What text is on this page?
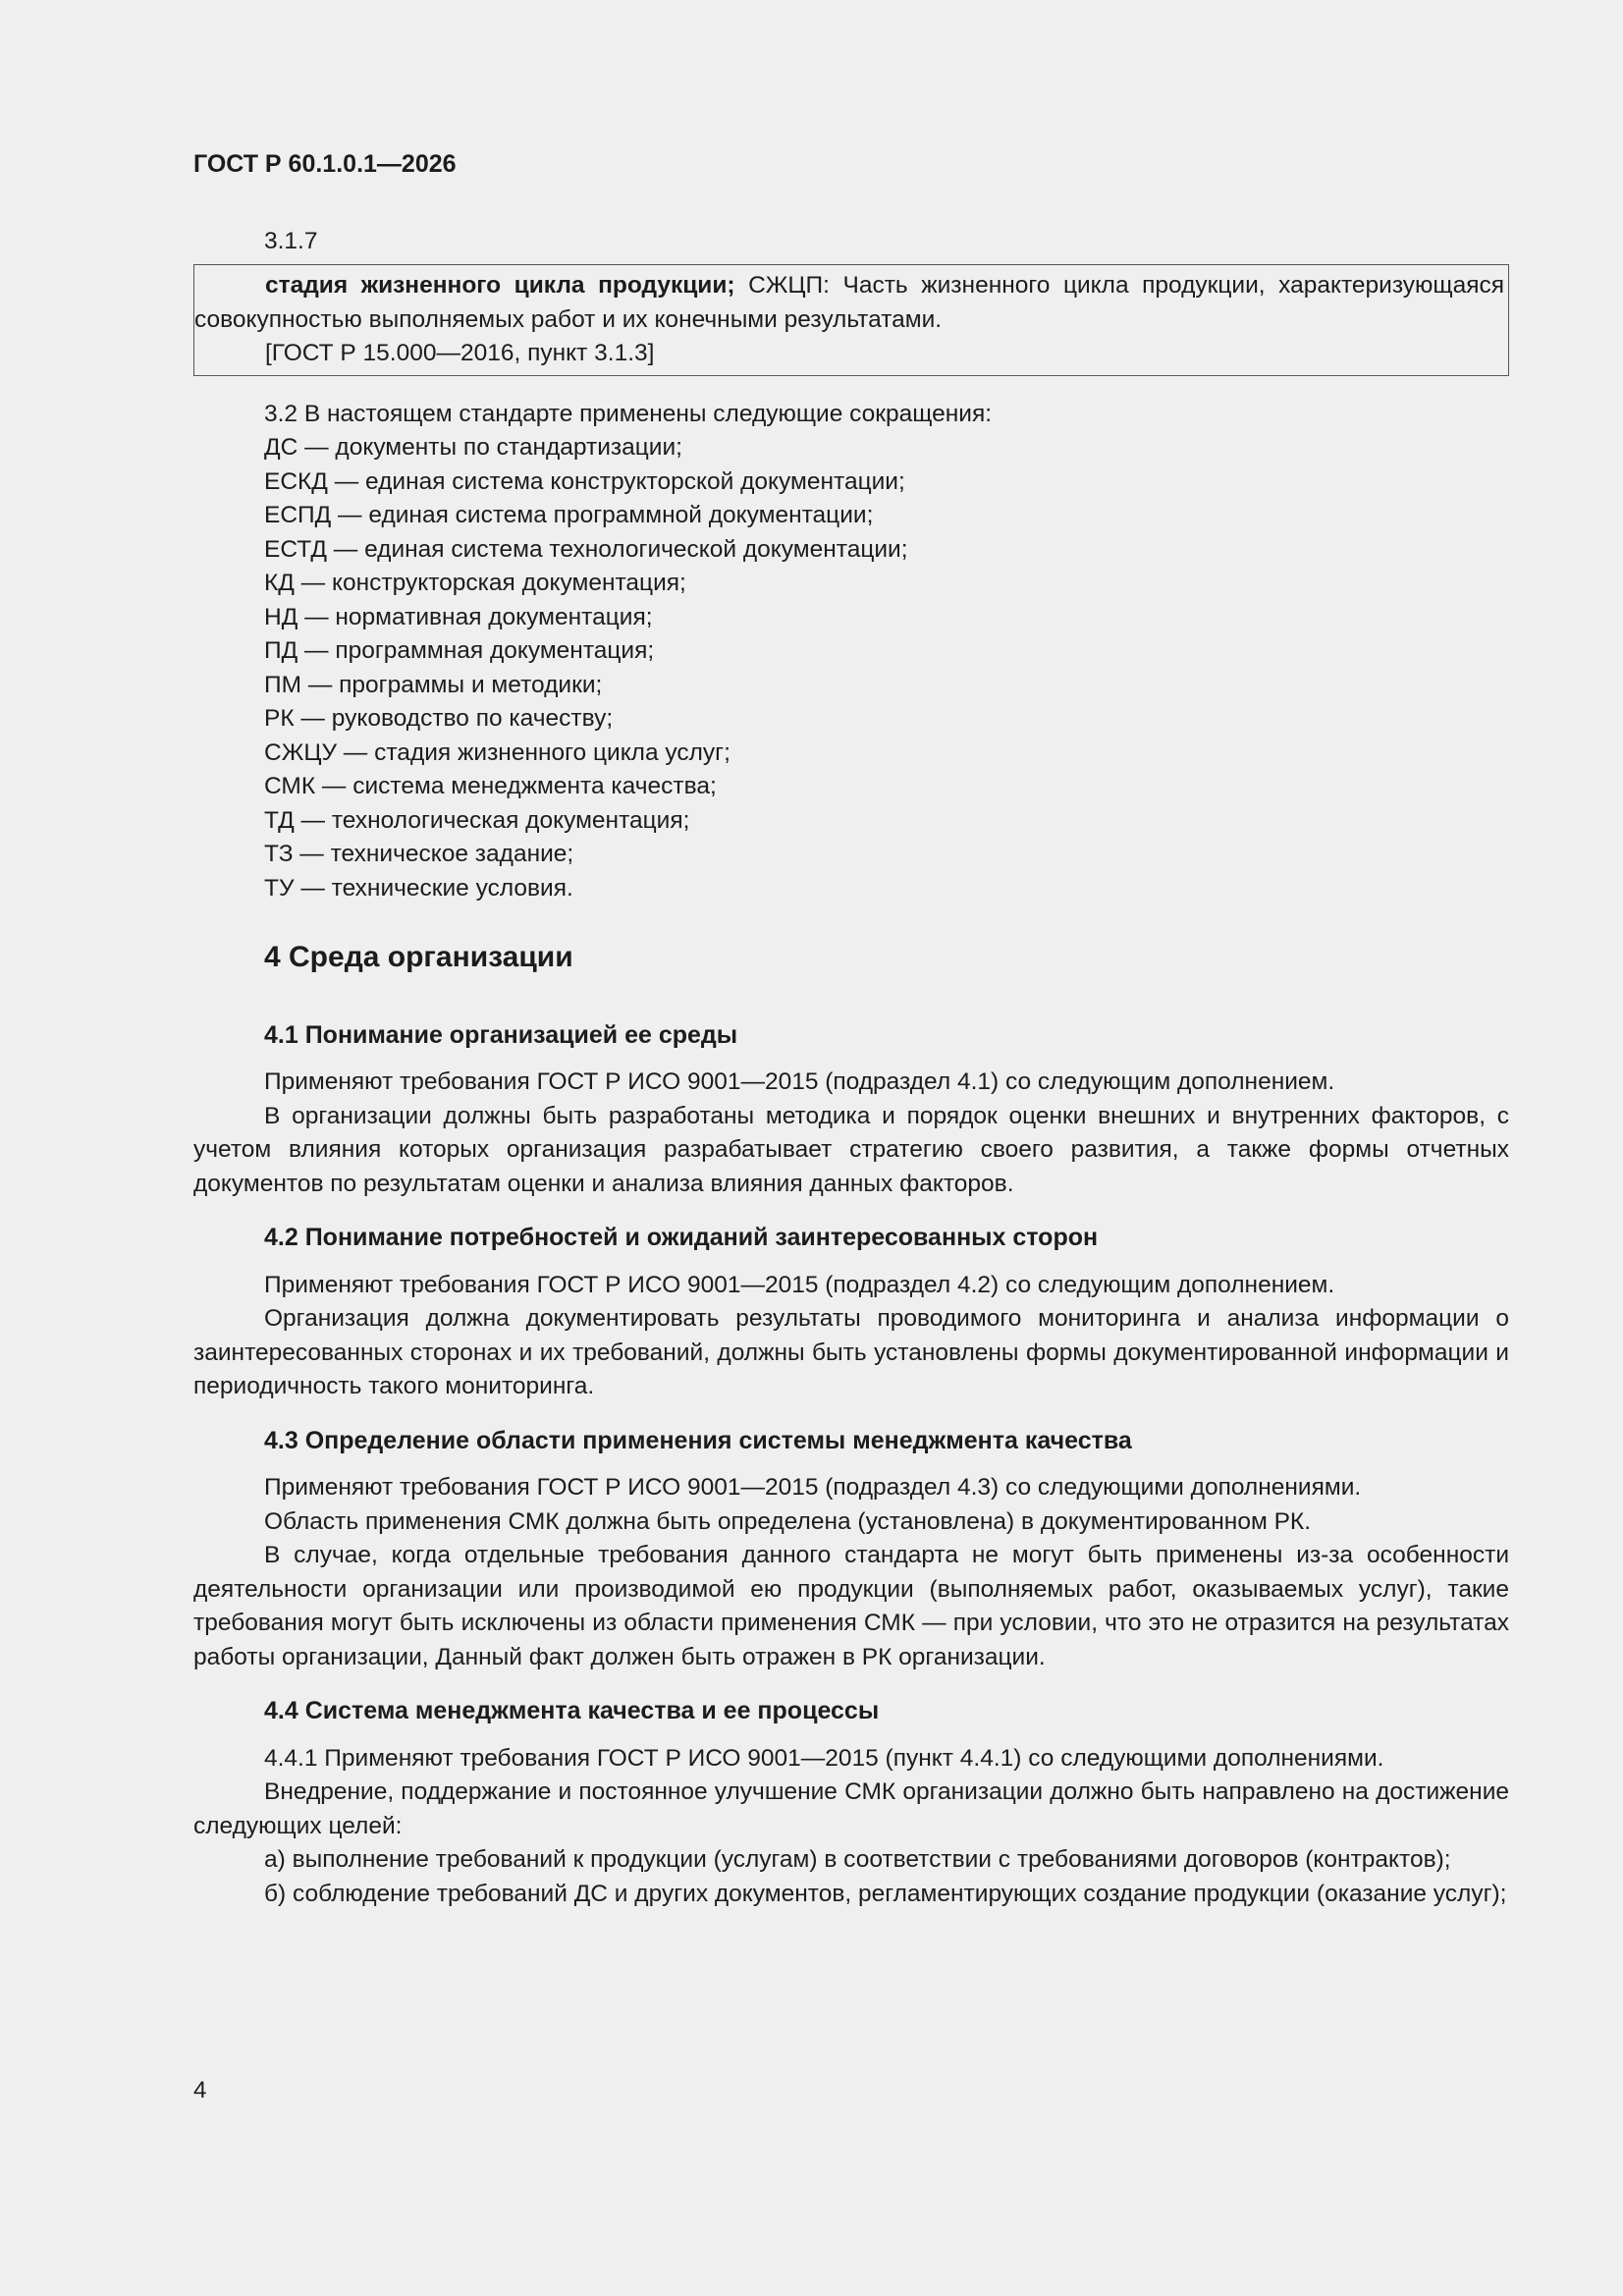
ГОСТ Р 60.1.0.1—2026
3.1.7

стадия жизненного цикла продукции; СЖЦП: Часть жизненного цикла продукции, характеризующаяся совокупностью выполняемых работ и их конечными результатами.

[ГОСТ Р 15.000—2016, пункт 3.1.3]

3.2 В настоящем стандарте применены следующие сокращения:

ДС — документы по стандартизации;
ЕСКД — единая система конструкторской документации;
ЕСПД — единая система программной документации;
ЕСТД — единая система технологической документации;
КД — конструкторская документация;
НД — нормативная документация;
ПД — программная документация;
ПМ — программы и методики;
РК — руководство по качеству;
СЖЦУ — стадия жизненного цикла услуг;
СМК — система менеджмента качества;
ТД — технологическая документация;
ТЗ — техническое задание;
ТУ — технические условия.
4 Среда организации
4.1 Понимание организацией ее среды

Применяют требования ГОСТ Р ИСО 9001—2015 (подраздел 4.1) со следующим дополнением.

В организации должны быть разработаны методика и порядок оценки внешних и внутренних факторов, с учетом влияния которых организация разрабатывает стратегию своего развития, а также формы отчетных документов по результатам оценки и анализа влияния данных факторов.

4.2 Понимание потребностей и ожиданий заинтересованных сторон

Применяют требования ГОСТ Р ИСО 9001—2015 (подраздел 4.2) со следующим дополнением.

Организация должна документировать результаты проводимого мониторинга и анализа информации о заинтересованных сторонах и их требований, должны быть установлены формы документированной информации и периодичность такого мониторинга.

4.3 Определение области применения системы менеджмента качества

Применяют требования ГОСТ Р ИСО 9001—2015 (подраздел 4.3) со следующими дополнениями.

Область применения СМК должна быть определена (установлена) в документированном РК.

В случае, когда отдельные требования данного стандарта не могут быть применены из-за особенности деятельности организации или производимой ею продукции (выполняемых работ, оказываемых услуг), такие требования могут быть исключены из области применения СМК — при условии, что это не отразится на результатах работы организации, Данный факт должен быть отражен в РК организации.

4.4 Система менеджмента качества и ее процессы

4.4.1 Применяют требования ГОСТ Р ИСО 9001—2015 (пункт 4.4.1) со следующими дополнениями.

Внедрение, поддержание и постоянное улучшение СМК организации должно быть направлено на достижение следующих целей:

а) выполнение требований к продукции (услугам) в соответствии с требованиями договоров (контрактов);

б) соблюдение требований ДС и других документов, регламентирующих создание продукции (оказание услуг);

4
